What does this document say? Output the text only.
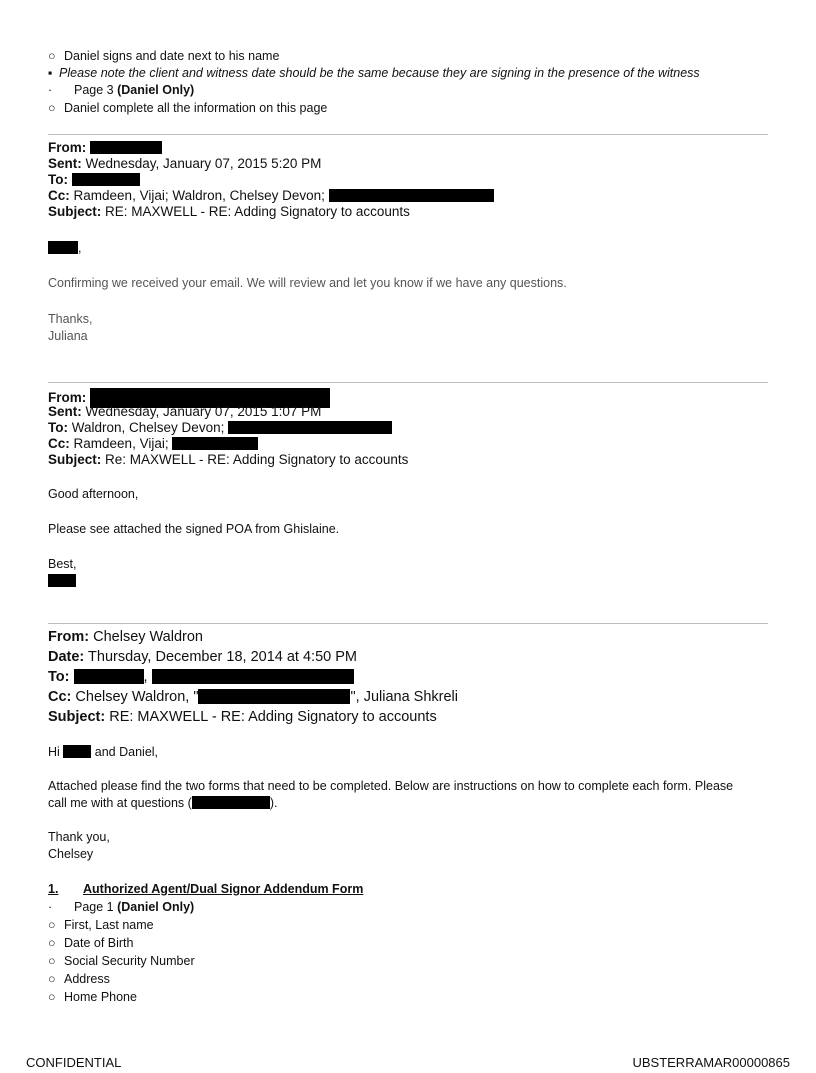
○ Daniel signs and date next to his name
▪ Please note the client and witness date should be the same because they are signing in the presence of the witness
· Page 3 (Daniel Only)
○ Daniel complete all the information on this page
From:
Sent: Wednesday, January 07, 2015 5:20 PM
To:
Cc: Ramdeen, Vijai; Waldron, Chelsey Devon;
Subject: RE: MAXWELL - RE: Adding Signatory to accounts
,
Confirming we received your email. We will review and let you know if we have any questions.
Thanks,
Juliana
From:
Sent: Wednesday, January 07, 2015 1:07 PM
To: Waldron, Chelsey Devon;
Cc: Ramdeen, Vijai;
Subject: Re: MAXWELL - RE: Adding Signatory to accounts
Good afternoon,
Please see attached the signed POA from Ghislaine.
Best,
From: Chelsey Waldron
Date: Thursday, December 18, 2014 at 4:50 PM
To:	,
Cc: Chelsey Waldron, "	", Juliana Shkreli
Subject: RE: MAXWELL - RE: Adding Signatory to accounts
Hi	and Daniel,
Attached please find the two forms that need to be completed. Below are instructions on how to complete each form. Please
call me with at questions (	).
Thank you,
Chelsey
1. Authorized Agent/Dual Signor Addendum Form
· Page 1 (Daniel Only)
○ First, Last name
○ Date of Birth
○ Social Security Number
○ Address
○ Home Phone
CONFIDENTIAL	UBSTERRAMAR00000865
